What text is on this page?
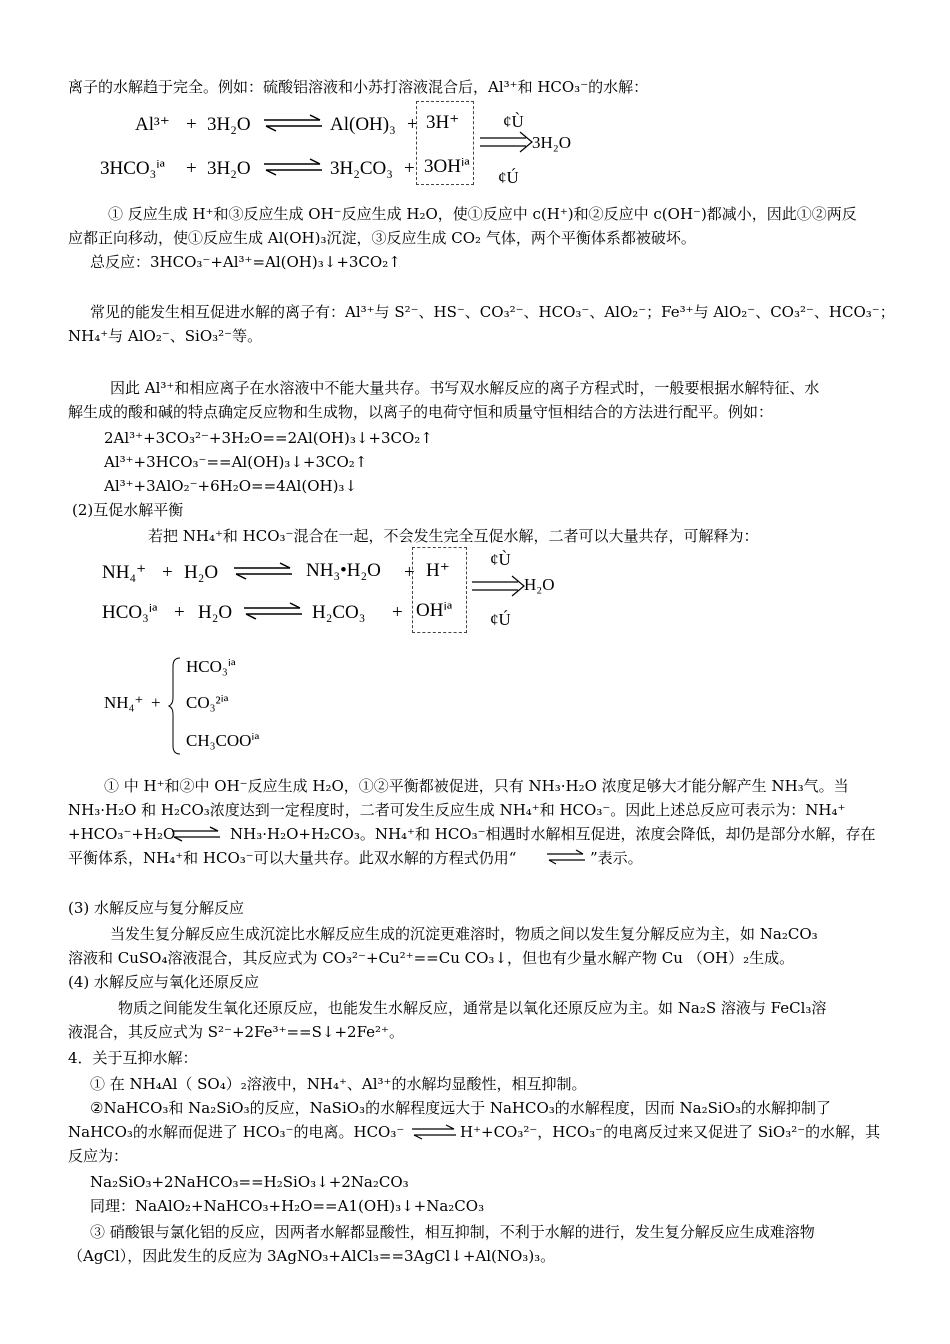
离子的水解趋于完全。例如：硫酸铝溶液和小苏打溶液混合后，Al³⁺和 HCO₃⁻的水解：
Al³⁺ + 3H₂O	Al(OH)₃ + 3H⁺	¢Ù
3HCO₃ⁱª + 3H₂O	3H₂CO₃ + 3OHⁱª
¢Ú
3H₂O
① 反应生成 H⁺和③反应生成 OH⁻反应生成 H₂O，使①反应中 c(H⁺)和②反应中 c(OH⁻)都减小，因此①②两反
应都正向移动，使①反应生成 Al(OH)₃沉淀，③反应生成 CO₂ 气体，两个平衡体系都被破坏。
总反应：3HCO₃⁻+Al³⁺=Al(OH)₃↓+3CO₂↑
常见的能发生相互促进水解的离子有：Al³⁺与 S²⁻、HS⁻、CO₃²⁻、HCO₃⁻、AlO₂⁻；Fe³⁺与 AlO₂⁻、CO₃²⁻、HCO₃⁻；
NH₄⁺与 AlO₂⁻、SiO₃²⁻等。
因此 Al³⁺和相应离子在水溶液中不能大量共存。书写双水解反应的离子方程式时，一般要根据水解特征、水
解生成的酸和碱的特点确定反应物和生成物，以离子的电荷守恒和质量守恒相结合的方法进行配平。例如：
2Al³⁺+3CO₃²⁻+3H₂O==2Al(OH)₃↓+3CO₂↑
Al³⁺+3HCO₃⁻==Al(OH)₃↓+3CO₂↑
Al³⁺+3AlO₂⁻+6H₂O==4Al(OH)₃↓
(2)互促水解平衡
若把 NH₄⁺和 HCO₃⁻混合在一起，不会发生完全互促水解，二者可以大量共存，可解释为：
NH₄⁺ + H₂O	NH₃•H₂O + H⁺
¢Ù
HCO₃ⁱª + H₂O	H₂CO₃ + OHⁱª ¢Ú
H₂O
NH₄⁺ +
HCO₃ⁱª
CO₃²ⁱª
CH₃COOⁱª
① 中 H⁺和②中 OH⁻反应生成 H₂O，①②平衡都被促进，只有 NH₃·H₂O 浓度足够大才能分解产生 NH₃气。当
NH₃·H₂O 和 H₂CO₃浓度达到一定程度时，二者可发生反应生成 NH₄⁺和 HCO₃⁻。因此上述总反应可表示为：NH₄⁺
+HCO₃⁻+H₂O ⇌ NH₃·H₂O+H₂CO₃。NH₄⁺和 HCO₃⁻相遇时水解相互促进，浓度会降低，却仍是部分水解，存在
平衡体系，NH₄⁺和 HCO₃⁻可以大量共存。此双水解的方程式仍用“ ⇌ ”表示。
(3) 水解反应与复分解反应
当发生复分解反应生成沉淀比水解反应生成的沉淀更难溶时，物质之间以发生复分解反应为主，如 Na₂CO₃
溶液和 CuSO₄溶液混合，其反应式为 CO₃²⁻+Cu²⁺==Cu CO₃↓，但也有少量水解产物 Cu （OH）₂生成。
(4) 水解反应与氧化还原反应
物质之间能发生氧化还原反应，也能发生水解反应，通常是以氧化还原反应为主。如 Na₂S 溶液与 FeCl₃溶
液混合，其反应式为 S²⁻+2Fe³⁺==S↓+2Fe²⁺。
4．关于互抑水解：
① 在 NH₄Al（ SO₄）₂溶液中，NH₄⁺、Al³⁺的水解均显酸性，相互抑制。
②NaHCO₃和 Na₂SiO₃的反应，NaSiO₃的水解程度远大于 NaHCO₃的水解程度，因而 Na₂SiO₃的水解抑制了
NaHCO₃的水解而促进了 HCO₃⁻的电离。HCO₃⁻ ⇌ H⁺+CO₃²⁻，HCO₃⁻的电离反过来又促进了 SiO₃²⁻的水解，其
反应为：
Na₂SiO₃+2NaHCO₃==H₂SiO₃↓+2Na₂CO₃
同理：NaAlO₂+NaHCO₃+H₂O==A1(OH)₃↓+Na₂CO₃
③ 硝酸银与氯化铝的反应，因两者水解都显酸性，相互抑制，不利于水解的进行，发生复分解反应生成难溶物
（AgCl），因此发生的反应为 3AgNO₃+AlCl₃==3AgCl↓+Al(NO₃)₃。
